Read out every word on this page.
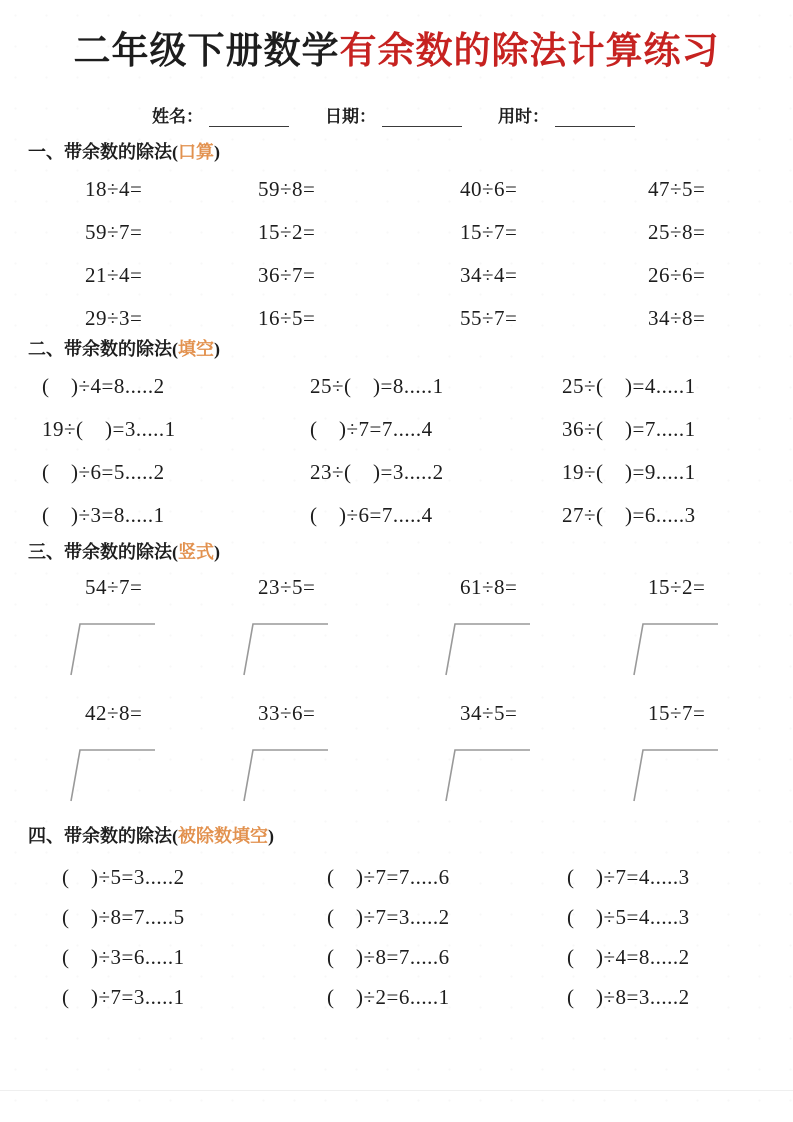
二年级下册数学有余数的除法计算练习
姓名：	日期：	用时：
一、带余数的除法(口算)
18÷4=	59÷8=	40÷6=	47÷5=
59÷7=	15÷2=	15÷7=	25÷8=
21÷4=	36÷7=	34÷4=	26÷6=
29÷3=	16÷5=	55÷7=	34÷8=
二、带余数的除法(填空)
(　)÷4=8.....2	25÷(　)=8.....1	25÷(　)=4.....1
19÷(　)=3.....1	(　)÷7=7.....4	36÷(　)=7.....1
(　)÷6=5.....2	23÷(　)=3.....2	19÷(　)=9.....1
(　)÷3=8.....1	(　)÷6=7.....4	27÷(　)=6.....3
三、带余数的除法(竖式)
54÷7=	23÷5=	61÷8=	15÷2=
42÷8=	33÷6=	34÷5=	15÷7=
四、带余数的除法(被除数填空)
(　)÷5=3.....2	(　)÷7=7.....6	(　)÷7=4.....3
(　)÷8=7.....5	(　)÷7=3.....2	(　)÷5=4.....3
(　)÷3=6.....1	(　)÷8=7.....6	(　)÷4=8.....2
(　)÷7=3.....1	(　)÷2=6.....1	(　)÷8=3.....2
